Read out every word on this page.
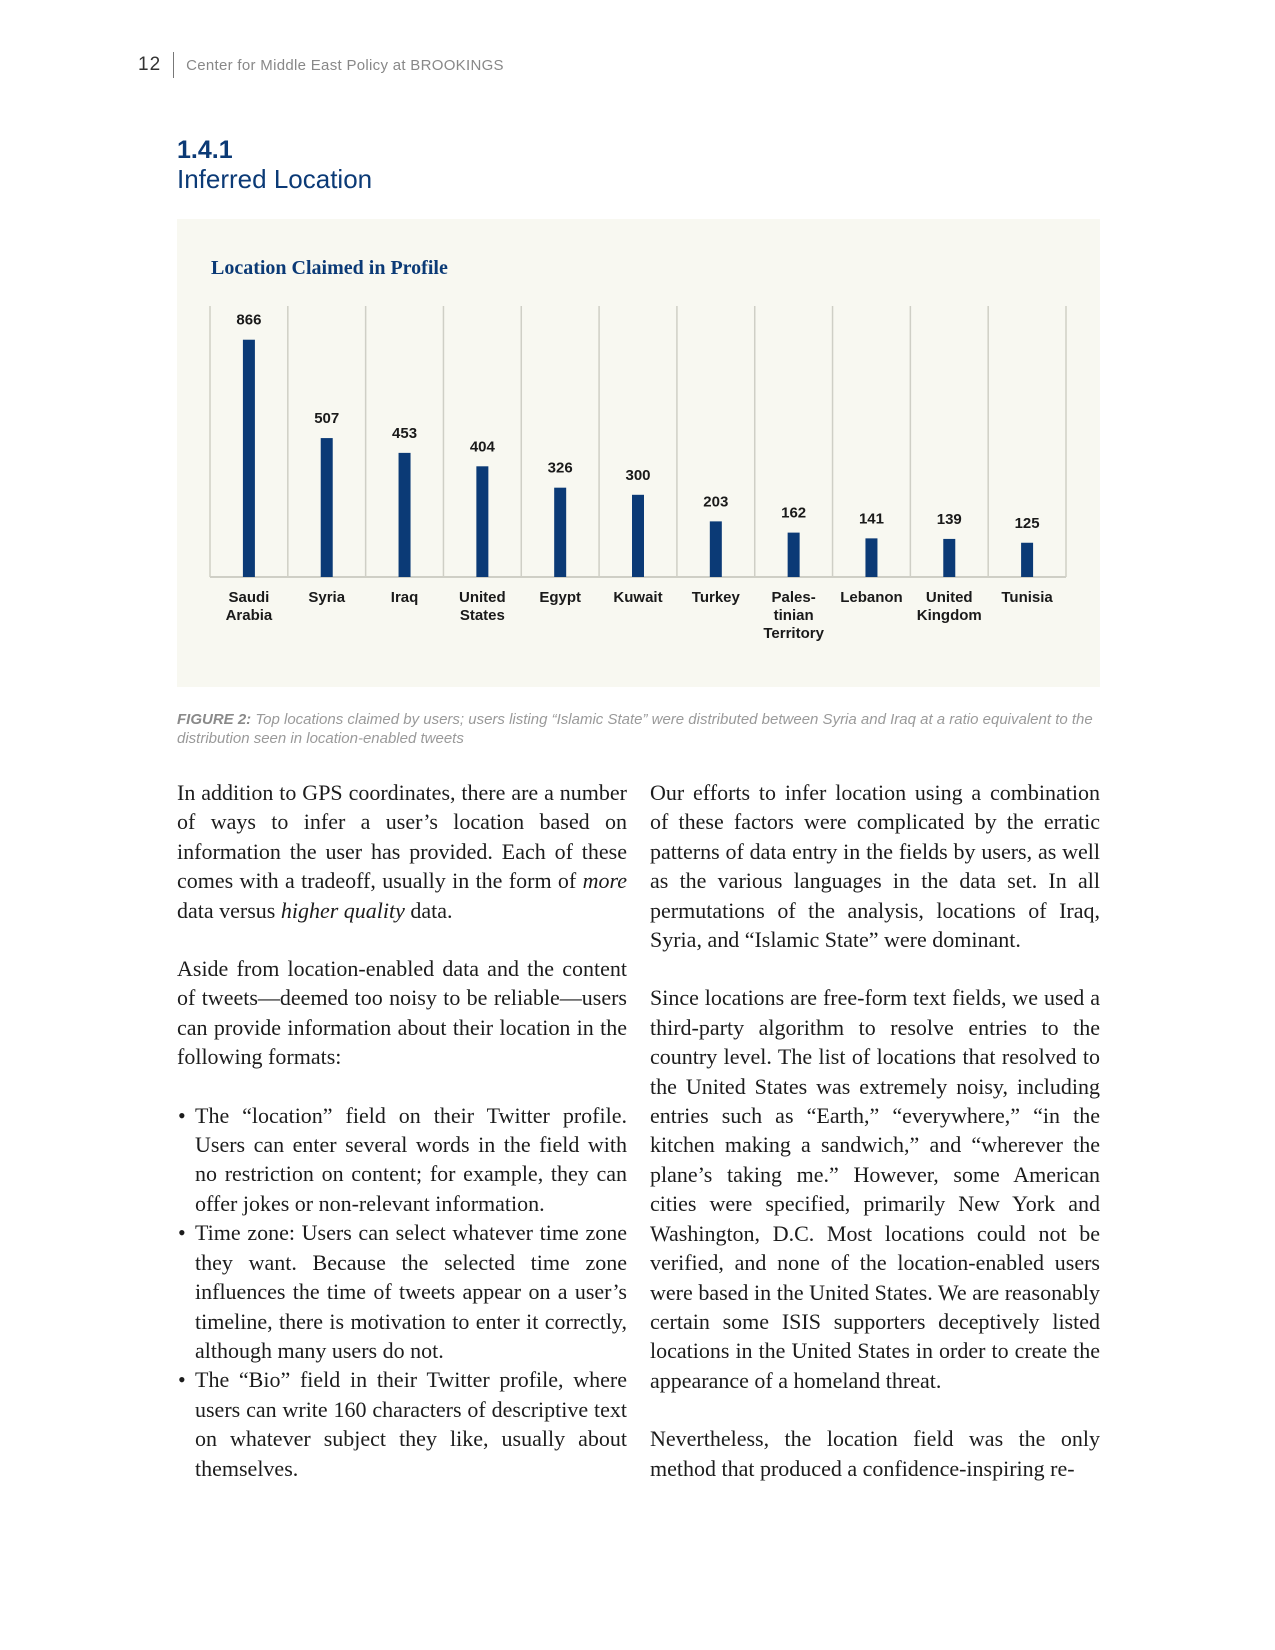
12 Center for Middle East Policy at BROOKINGS
1.4.1
Inferred Location
Location Claimed in Profile
866
Saudi Arabia
507
Syria
453
Iraq
404
United States
326
Egypt
300
Kuwait
203
Turkey
162
Pales-tinian Territory
141
Lebanon
139
United Kingdom
125
Tunisia
FIGURE 2: Top locations claimed by users; users listing “Islamic State” were distributed between Syria and Iraq at a ratio equivalent to the distribution seen in location-enabled tweets

In addition to GPS coordinates, there are a number of ways to infer a user’s location based on information the user has provided. Each of these comes with a tradeoff, usually in the form of more data versus higher quality data.

Aside from location-enabled data and the content of tweets—deemed too noisy to be reliable—users can provide information about their location in the following formats:

• The “location” field on their Twitter profile. Users can enter several words in the field with no restriction on content; for example, they can offer jokes or non-relevant information.
• Time zone: Users can select whatever time zone they want. Because the selected time zone influences the time of tweets appear on a user’s timeline, there is motivation to enter it correctly, although many users do not.
• The “Bio” field in their Twitter profile, where users can write 160 characters of descriptive text on whatever subject they like, usually about themselves.

Our efforts to infer location using a combination of these factors were complicated by the erratic patterns of data entry in the fields by users, as well as the various languages in the data set. In all permutations of the analysis, locations of Iraq, Syria, and “Islamic State” were dominant.

Since locations are free-form text fields, we used a third-party algorithm to resolve entries to the country level. The list of locations that resolved to the United States was extremely noisy, including entries such as “Earth,” “everywhere,” “in the kitchen making a sandwich,” and “wherever the plane’s taking me.” However, some American cities were specified, primarily New York and Washington, D.C. Most locations could not be verified, and none of the location-enabled users were based in the United States. We are reasonably certain some ISIS supporters deceptively listed locations in the United States in order to create the appearance of a homeland threat.

Nevertheless, the location field was the only method that produced a confidence-inspiring re-
